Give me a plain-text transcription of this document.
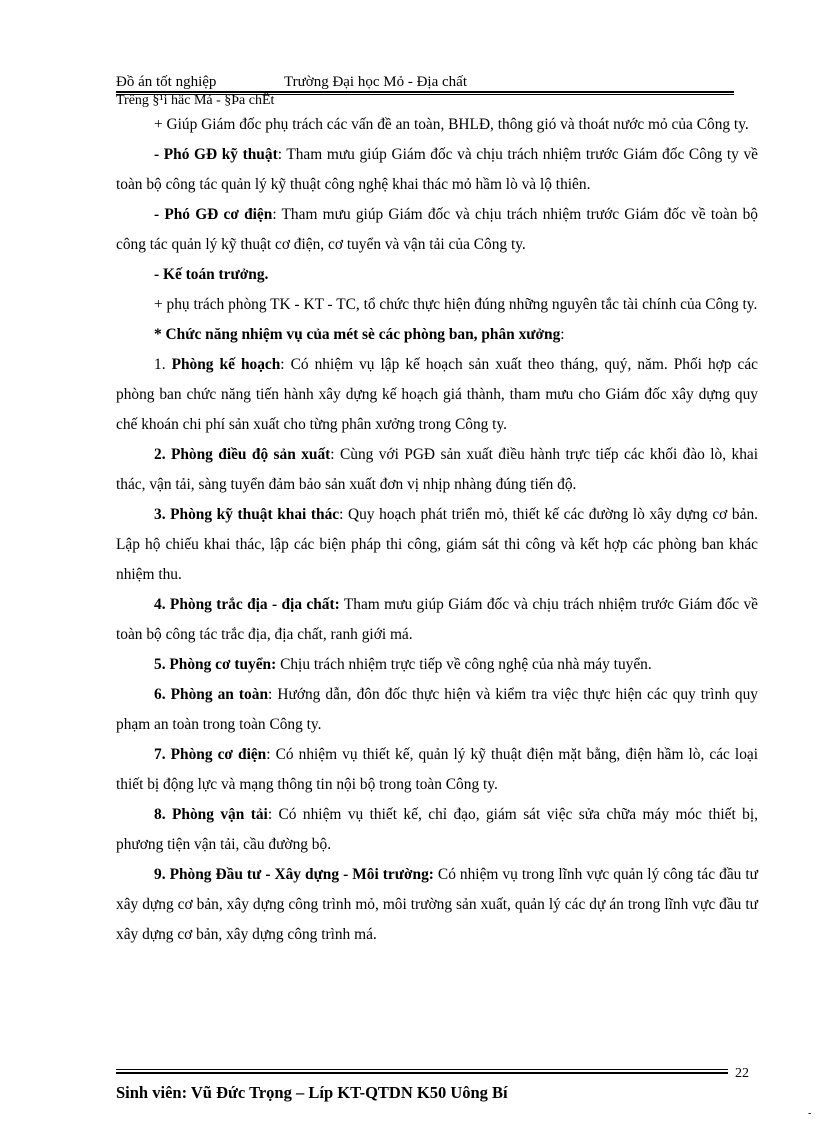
Đồ án tốt nghiệp	Trường Đại học Mỏ - Địa chất
Trêng §¹i häc Má - §Þa chÊt

+ Giúp Giám đốc phụ trách các vấn đề an toàn, BHLĐ, thông gió và thoát nước mỏ của Công ty.

- Phó GĐ kỹ thuật: Tham mưu giúp Giám đốc và chịu trách nhiệm trước Giám đốc Công ty về toàn bộ công tác quản lý kỹ thuật công nghệ khai thác mỏ hầm lò và lộ thiên.

- Phó GĐ cơ điện: Tham mưu giúp Giám đốc và chịu trách nhiệm trước Giám đốc về toàn bộ công tác quản lý kỹ thuật cơ điện, cơ tuyển và vận tải của Công ty.

- Kế toán trưởng.

+ phụ trách phòng TK - KT - TC, tổ chức thực hiện đúng những nguyên tắc tài chính của Công ty.

* Chức năng nhiệm vụ của mét sè các phòng ban, phân xưởng:

1. Phòng kế hoạch: Có nhiệm vụ lập kế hoạch sản xuất theo tháng, quý, năm. Phối hợp các phòng ban chức năng tiến hành xây dựng kế hoạch giá thành, tham mưu cho Giám đốc xây dựng quy chế khoán chi phí sản xuất cho từng phân xưởng trong Công ty.

2. Phòng điều độ sản xuất: Cùng với PGĐ sản xuất điều hành trực tiếp các khối đào lò, khai thác, vận tải, sàng tuyển đảm bảo sản xuất đơn vị nhịp nhàng đúng tiến độ.

3. Phòng kỹ thuật khai thác: Quy hoạch phát triển mỏ, thiết kế các đường lò xây dựng cơ bản. Lập hộ chiếu khai thác, lập các biện pháp thi công, giám sát thi công và kết hợp các phòng ban khác nhiệm thu.

4. Phòng trắc địa - địa chất: Tham mưu giúp Giám đốc và chịu trách nhiệm trước Giám đốc về toàn bộ công tác trắc địa, địa chất, ranh giới má.

5. Phòng cơ tuyển: Chịu trách nhiệm trực tiếp về công nghệ của nhà máy tuyển.

6. Phòng an toàn: Hướng dẫn, đôn đốc thực hiện và kiểm tra việc thực hiện các quy trình quy phạm an toàn trong toàn Công ty.

7. Phòng cơ điện: Có nhiệm vụ thiết kế, quản lý kỹ thuật điện mặt bằng, điện hầm lò, các loại thiết bị động lực và mạng thông tin nội bộ trong toàn Công ty.

8. Phòng vận tải: Có nhiệm vụ thiết kế, chỉ đạo, giám sát việc sửa chữa máy móc thiết bị, phương tiện vận tải, cầu đường bộ.

9. Phòng Đầu tư - Xây dựng - Môi trường: Có nhiệm vụ trong lĩnh vực quản lý công tác đầu tư xây dựng cơ bản, xây dựng công trình mỏ, môi trường sản xuất, quản lý các dự án trong lĩnh vực đầu tư xây dựng cơ bản, xây dựng công trình má.

22
Sinh viên: Vũ Đức Trọng – Líp KT-QTDN K50 Uông Bí
-
